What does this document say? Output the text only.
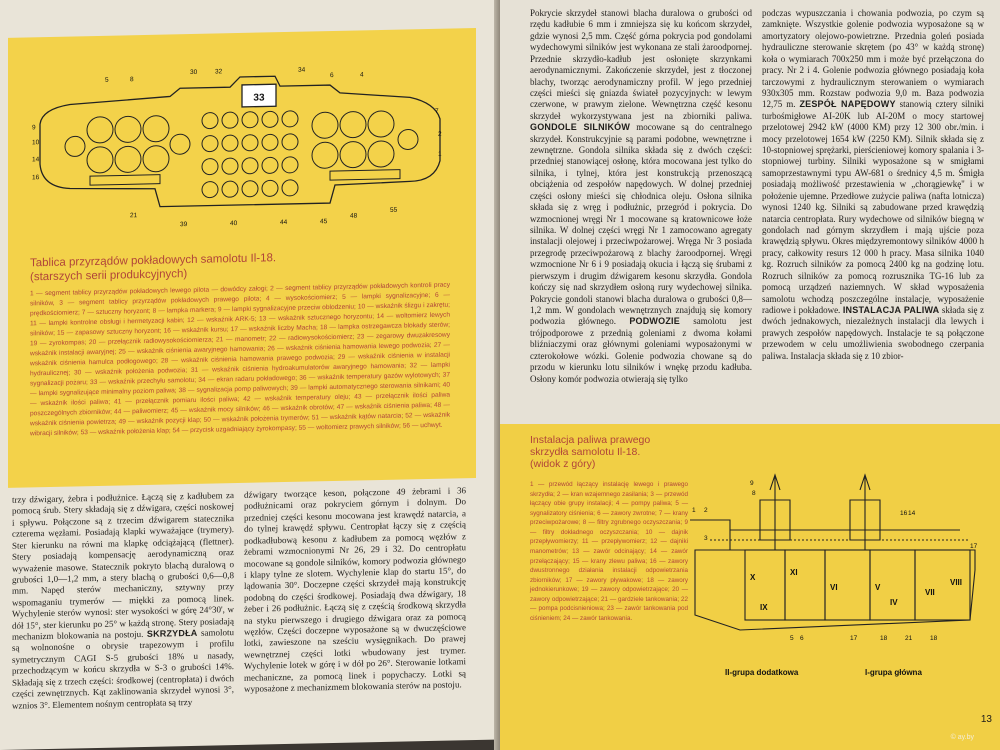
33
5	8
30	32	34
6	4
9
10
14
16
7
2
1
39	40	44	45
48
55
21
Tablica przyrządów pokładowych samolotu Il-18.
(starszych serii produkcyjnych)
1 — segment tablicy przyrządów pokładowych lewego pilota — dowódcy załogi; 2 — segment tablicy przyrządów pokładowych kontroli pracy silników, 3 — segment tablicy przyrządów pokładowych prawego pilota; 4 — wysokościomierz; 5 — lampki sygnalizacyjne; 6 — prędkościomierz; 7 — sztuczny horyzont; 8 — lampka markera; 9 — lampki sygnalizacyjne przeciw oblodzeniu; 10 — wskaźnik ślizgu i zakrętu; 11 — lampki kontrolne obsługi i hermetyzacji kabin; 12 — wskaźnik ARK-5; 13 — wskaźnik sztucznego horyzontu; 14 — woltomierz lewych silników; 15 — zapasowy sztuczny horyzont; 16 — wskaźnik kursu; 17 — wskaźnik liczby Macha; 18 — lampka ostrzegawcza blokady sterów; 19 — zyrokompas; 20 — przełącznik radiowysokościomierza; 21 — manometr; 22 — radiowysokościomierz; 23 — zegarowy dwuzakresowy wskaźnik instalacji awaryjnej; 25 — wskaźnik ciśnienia awaryjnego hamowania; 26 — wskaźnik ciśnienia hamowania lewego podwozia; 27 — wskaźnik ciśnienia hamulca podłogowego; 28 — wskaźnik ciśnienia hamowania prawego podwozia; 29 — wskaźnik ciśnienia w instalacji hydraulicznej; 30 — wskaźnik położenia podwozia; 31 — wskaźnik ciśnienia hydroakumulatorów awaryjnego hamowania; 32 — lampki sygnalizacji pożaru; 33 — wskaźnik przechyłu samolotu; 34 — ekran radaru pokładowego; 36 — wskaźnik temperatury gazów wylotowych; 37 — lampki sygnalizujące minimalny poziom paliwa; 38 — sygnalizacja pomp paliwowych; 39 — lampki automatycznego sterowania silnikami; 40 — wskaźnik ilości paliwa; 41 — przełącznik pomiaru ilości paliwa; 42 — wskaźnik temperatury oleju; 43 — przełącznik ilości paliwa poszczególnych zbiorników; 44 — paliwomierz; 45 — wskaźnik mocy silników; 46 — wskaźnik obrotów; 47 — wskaźnik ciśnienia paliwa; 48 — wskaźnik ciśnienia powietrza; 49 — wskaźnik pozycji klap; 50 — wskaźnik położenia trymerów; 51 — wskaźnik kątów natarcia; 52 — wskaźnik wibracji silników; 53 — wskaźnik położenia klap; 54 — przycisk uzgadniający żyrokompasy; 55 — woltomierz prawych silników; 56 — uchwyt.
trzy dźwigary, żebra i podłużnice. Łączą się z kadłubem za pomocą śrub. Stery składają się z dźwigara, części noskowej i spływu. Połączone są z trzecim dźwigarem statecznika czterema węzłami. Posiadają klapki wyważające (trymery). Ster kierunku na równi ma klapkę odciążającą (flettner). Stery posiadają kompensację aerodynamiczną oraz wyważenie masowe. Statecznik pokryto blachą duralową o grubości 1,0—1,2 mm, a stery blachą o grubości 0,6—0,8 mm. Napęd sterów mechaniczny, sztywny przy wspomaganiu trymerów — miękki za pomocą linek. Wychylenie sterów wynosi: ster wysokości w górę 24°30', w dół 15°, ster kierunku po 25° w każdą stronę. Stery posiadają mechanizm blokowania na postoju. SKRZYDŁA samolotu są wolnonośne o obrysie trapezowym i profilu symetrycznym CAGI S-5 grubości 18% u nasady, przechodzącym w końcu skrzydła w S-3 o grubości 14%. Składają się z trzech części: środkowej (centropłata) i dwóch części zewnętrznych. Kąt zaklinowania skrzydeł wynosi 3°, wznios 3°. Elementem nośnym centropłata są trzy
dźwigary tworzące keson, połączone 49 żebrami i 36 podłużnicami oraz pokryciem górnym i dolnym. Do przedniej części kesonu mocowana jest krawędź natarcia, a do tylnej krawędź spływu. Centropłat łączy się z częścią podkadłubową kesonu z kadłubem za pomocą węzłów z żebrami wzmocnionymi Nr 26, 29 i 32. Do centropłatu mocowane są gondole silników, komory podwozia głównego i klapy tylne ze slotem. Wychylenie klap do startu 15°, do lądowania 30°. Doczepne części skrzydeł mają konstrukcję podobną do części środkowej. Posiadają dwa dźwigary, 18 żeber i 26 podłużnic. Łączą się z częścią środkową skrzydła na styku pierwszego i drugiego dźwigara oraz za pomocą węzłów. Części doczepne wyposażone są w dwuczęściowe lotki, zawieszone na sześciu wysięgnikach. Do prawej wewnętrznej części lotki wbudowany jest trymer. Wychylenie lotek w górę i w dół po 26°. Sterowanie lotkami mechaniczne, za pomocą linek i popychaczy. Lotki są wyposażone z mechanizmem blokowania sterów na postoju.
Pokrycie skrzydeł stanowi blacha duralowa o grubości od rzędu kadłubie 6 mm i zmniejsza się ku końcom skrzydeł, gdzie wynosi 2,5 mm. Część górna pokrycia pod gondolami wydechowymi silników jest wykonana ze stali żaroodpornej. Przednie skrzydło-kadłub jest osłonięte skrzynkami aerodynamicznymi. Zakończenie skrzydeł, jest z tłoczonej blachy, tworząc aerodynamiczny profil. W jego przedniej części mieści się gniazda świateł pozycyjnych: w lewym czerwone, w prawym zielone. Wewnętrzna część kesonu skrzydeł wykorzystywana jest na zbiorniki paliwa. GONDOLE SILNIKÓW mocowane są do centralnego skrzydeł. Konstrukcyjnie są parami podobne, wewnętrzne i zewnętrzne. Gondola silnika składa się z dwóch części: przedniej stanowiącej osłonę, która mocowana jest tylko do silnika, i tylnej, która jest konstrukcją przenoszącą obciążenia od zespołów napędowych. W dolnej przedniej części osłony mieści się chłodnica oleju. Osłona silnika składa się z wręg i podłużnic, przegród i pokrycia. Do wzmocnionej wręgi Nr 1 mocowane są kratownicowe łoże silnika. W dolnej części wręgi Nr 1 zamocowano agregaty instalacji olejowej i przeciwpożarowej. Wręga Nr 3 posiada przegrodę przeciwpożarową z blachy żaroodpornej. Wręgi wzmocnione Nr 6 i 9 posiadają okucia i łączą się śrubami z pierwszym i drugim dźwigarem kesonu skrzydła. Gondola kończy się nad skrzydłem osłoną rury wydechowej silnika. Pokrycie gondoli stanowi blacha duralowa o grubości 0,8—1,2 mm. W gondolach wewnętrznych znajdują się komory podwozia głównego. PODWOZIE samolotu jest trójpodporowe z przednią goleniami z dwoma kołami bliźniaczymi oraz głównymi goleniami wyposażonymi w czterokołowe wózki. Golenie podwozia chowane są do przodu w kierunku lotu silników i wnękę przodu kadłuba. Osłony komór podwozia otwierają się tylko
podczas wypuszczania i chowania podwozia, po czym są zamknięte. Wszystkie golenie podwozia wyposażone są w amortyzatory olejowo-powietrzne. Przednia goleń posiada hydrauliczne sterowanie skrętem (po 43° w każdą stronę) koła o wymiarach 700x250 mm i może być przełączona do pracy. Nr 2 i 4. Golenie podwozia głównego posiadają koła tarczowymi z hydraulicznym sterowaniem o wymiarach 930x305 mm. Rozstaw podwozia 9,0 m. Baza podwozia 12,75 m. ZESPÓŁ NAPĘDOWY stanowią cztery silniki turbośmigłowe AI-20K lub AI-20M o mocy startowej przelotowej 2942 kW (4000 KM) przy 12 300 obr./min. i mocy przelotowej 1654 kW (2250 KM). Silnik składa się z 10-stopniowej sprężarki, pierścieniowej komory spalania i 3-stopniowej turbiny. Silniki wyposażone są w smigłami samoprzestawnymi typu AW-681 o średnicy 4,5 m. Śmigła posiadają możliwość przestawienia w „chorągiewkę" i w położenie ujemne. Przedłowe zużycie paliwa (nafta lotnicza) wynosi 1240 kg. Silniki są zabudowane przed krawędzią natarcia centropłata. Rury wydechowe od silników biegną w gondolach nad górnym skrzydłem i mają ujście poza krawędzią spływu. Okres międzyremontowy silników 4000 h pracy, całkowity resurs 12 000 h pracy. Masa silnika 1040 kg. Rozruch silników za pomocą 2400 kg na godzinę lotu. Rozruch silników za pomocą rozrusznika TG-16 lub za pomocą urządzeń naziemnych. W skład wyposażenia samolotu wchodzą poszczególne instalacje, wyposażenie radiowe i pokładowe. INSTALACJA PALIWA składa się z dwóch jednakowych, niezależnych instalacji dla lewych i prawych zespołów napędowych. Instalacje te są połączone przewodem w celu umożliwienia swobodnego czerpania paliwa. Instalacja składa się z 10 zbior-
Instalacja paliwa prawego
skrzydła samolotu Il-18.
(widok z góry)
1 — przewód łączący instalację lewego i prawego skrzydła; 2 — kran wzajemnego zasilania; 3 — przewód łączący obie grupy instalacji; 4 — pompy paliwa; 5 — sygnalizatory ciśnienia; 6 — zawory zwrotne; 7 — krany przeciwpożarowe; 8 — filtry zgrubnego oczyszczania; 9 — filtry dokładnego oczyszczania; 10 — dajnik przepływomierzy; 11 — przepływomierz; 12 — dajniki manometrów; 13 — zawór odcinający; 14 — zawór przełączający; 15 — krany zlewu paliwa; 16 — zawory dwustronnego działania instalacji odpowietrzania zbiorników; 17 — zawory pływakowe; 18 — zawory jednokierunkowe; 19 — zawory odpowietrzające; 20 — zawory odpowietrzające; 21 — gardziele tankowania; 22 — pompa podcisnieniowa; 23 — zawór tankowania pod ciśnieniem; 24 — zawór tankowania.
X
XI
IX
VI	V
IV
VII
VIII
1 2
3
9
8
16 14
17
5 6	17	18	21	18
II-grupa dodatkowa	I-grupa główna
13
© ay.by
